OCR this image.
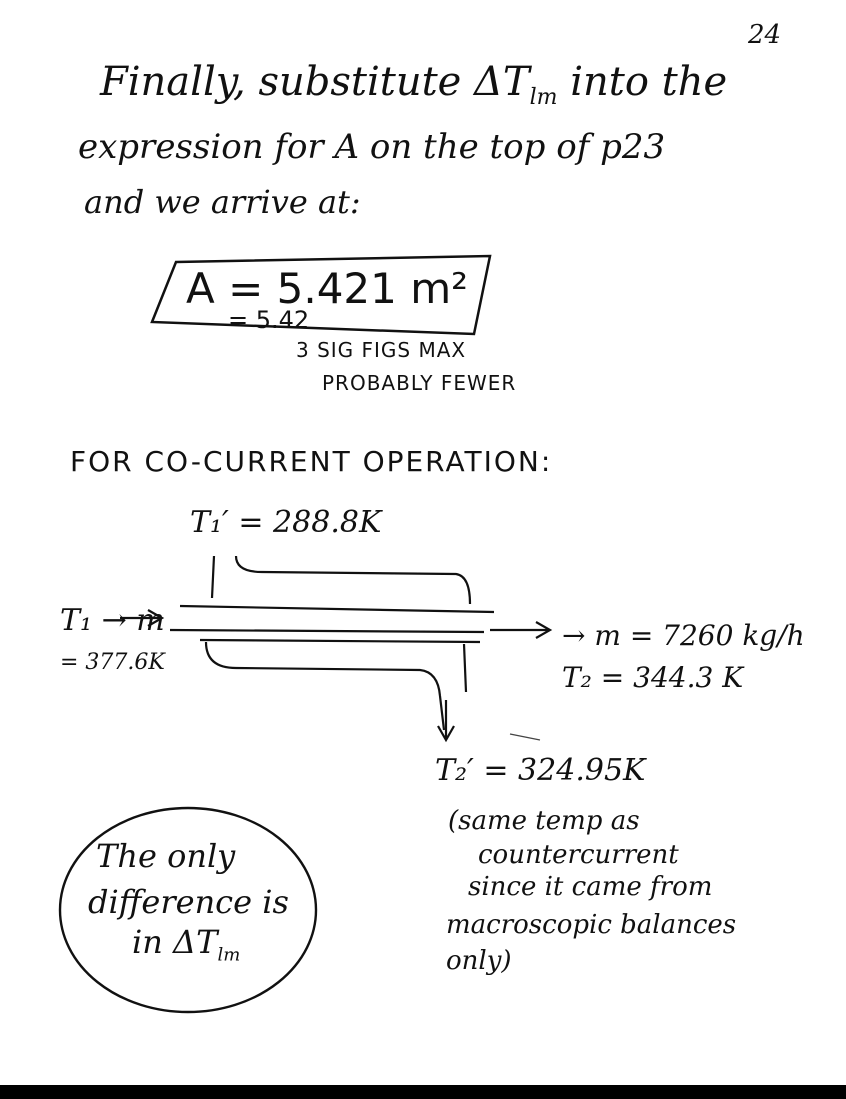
24
Finally, substitute $\Delta T_{lm}$ into the
expression for A on the top of p23
and we arrive at:
A = 5.421 m²
= 5.42
3 SIG FIGS MAX
PROBABLY FEWER
FOR CO-CURRENT OPERATION:
T₁′ = 288.8K
T₁ → m
= 377.6K
→ m = 7260 kg/h
T₂ = 344.3 K
T₂′ = 324.95K
(same temp as
countercurrent
since it came from
macroscopic balances
only)
The only
difference is
in $\Delta T_{lm}$
